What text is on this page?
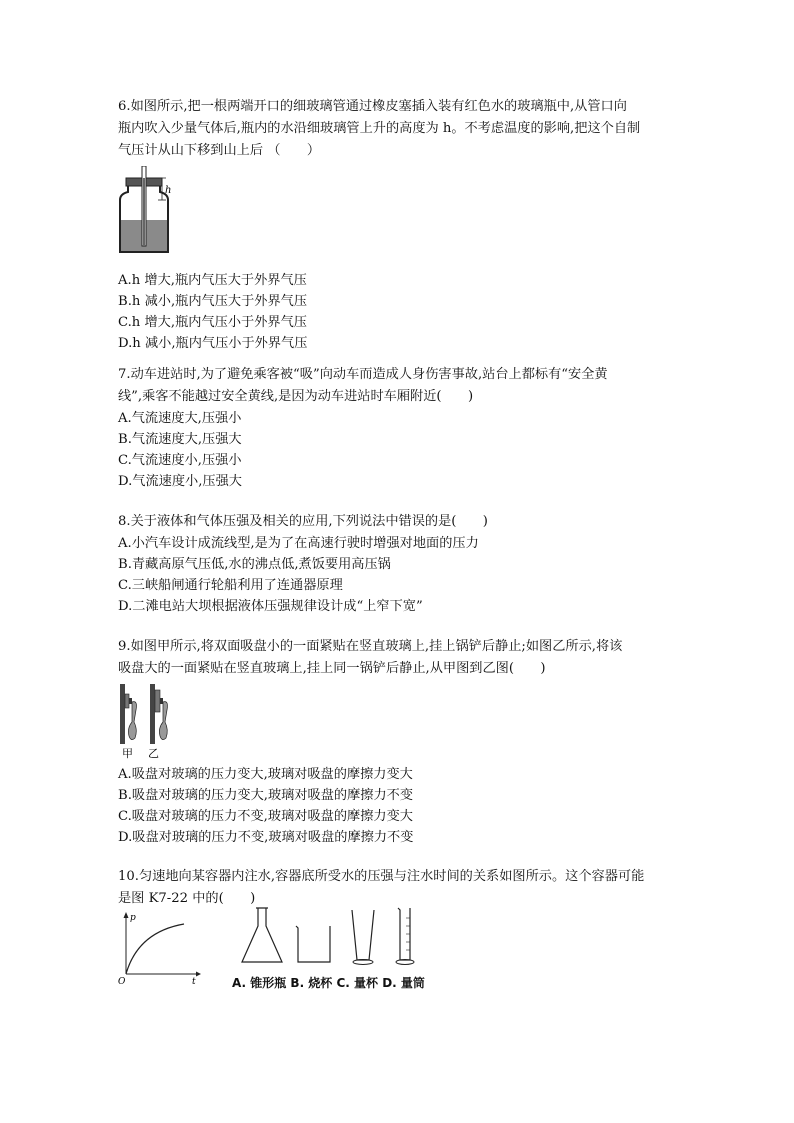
6.如图所示,把一根两端开口的细玻璃管通过橡皮塞插入装有红色水的玻璃瓶中,从管口向
瓶内吹入少量气体后,瓶内的水沿细玻璃管上升的高度为 h。不考虑温度的影响,把这个自制
气压计从山下移到山上后 （　　）
h
A.h 增大,瓶内气压大于外界气压
B.h 减小,瓶内气压大于外界气压
C.h 增大,瓶内气压小于外界气压
D.h 减小,瓶内气压小于外界气压
7.动车进站时,为了避免乘客被“吸”向动车而造成人身伤害事故,站台上都标有“安全黄
线”,乘客不能越过安全黄线,是因为动车进站时车厢附近(　　)
A.气流速度大,压强小
B.气流速度大,压强大
C.气流速度小,压强小
D.气流速度小,压强大
8.关于液体和气体压强及相关的应用,下列说法中错误的是(　　)
A.小汽车设计成流线型,是为了在高速行驶时增强对地面的压力
B.青藏高原气压低,水的沸点低,煮饭要用高压锅
C.三峡船闸通行轮船利用了连通器原理
D.二滩电站大坝根据液体压强规律设计成“上窄下宽”
9.如图甲所示,将双面吸盘小的一面紧贴在竖直玻璃上,挂上锅铲后静止;如图乙所示,将该
吸盘大的一面紧贴在竖直玻璃上,挂上同一锅铲后静止,从甲图到乙图(　　)
甲 乙
A.吸盘对玻璃的压力变大,玻璃对吸盘的摩擦力变大
B.吸盘对玻璃的压力变大,玻璃对吸盘的摩擦力不变
C.吸盘对玻璃的压力不变,玻璃对吸盘的摩擦力变大
D.吸盘对玻璃的压力不变,玻璃对吸盘的摩擦力不变
10.匀速地向某容器内注水,容器底所受水的压强与注水时间的关系如图所示。这个容器可能
是图 K7-22 中的(　　)
p
t
O	A. 锥形瓶 B. 烧杯 C. 量杯 D. 量筒
